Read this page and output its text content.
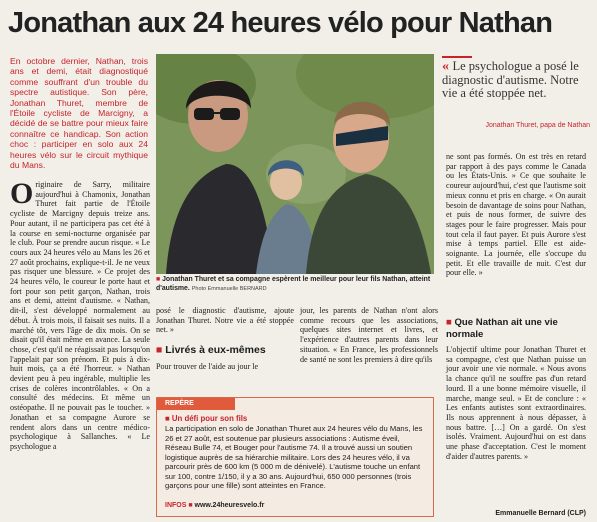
Jonathan aux 24 heures vélo pour Nathan
En octobre dernier, Nathan, trois ans et demi, était diagnostiqué comme souffrant d'un trouble du spectre autistique. Son père, Jonathan Thuret, membre de l'Étoile cycliste de Marcigny, a décidé de se battre pour mieux faire connaître ce handicap. Son action choc : participer en solo aux 24 heures vélo sur le circuit mythique du Mans.
■ Jonathan Thuret et sa compagne espèrent le meilleur pour leur fils Nathan, atteint d'autisme. Photo Emmanuelle BERNARD
O riginaire de Sarry, militaire aujourd'hui à Chamonix, Jonathan Thuret fait partie de l'Étoile cycliste de Marcigny depuis treize ans. Pour autant, il ne participera pas cet été à la course en semi-nocturne organisée par le club. Pour se prendre aucun risque. « Le cours aux 24 heures vélo au Mans les 26 et 27 août prochains, explique-t-il. Je ne veux pas risquer une blessure. » Ce projet des 24 heures vélo, le coureur le porte haut et fort pour son petit garçon, Nathan, trois ans et demi, atteint d'autisme. « Nathan, dit-il, s'est développé normalement au début. À trois mois, il faisait ses nuits. Il a marché tôt, vers l'âge de dix mois. On se disait qu'il était même en avance. La seule chose, c'est qu'il ne réagissait pas lorsqu'on l'appelait par son prénom. Et puis à dix-huit mois, ça a été l'horreur. » Nathan devient peu à peu ingérable, multiplie les crises de colères incontrôlables. « On a consulté des médecins. Et même un ostéopathe. Il ne pouvait pas le toucher. » Jonathan et sa compagne Aurore se rendent alors dans un centre médico-psychologique à Sallanches. « Le psychologue a
posé le diagnostic d'autisme, ajoute Jonathan Thuret. Notre vie a été stoppée net. »
■ Livrés à eux-mêmes
Pour trouver de l'aide au jour le
jour, les parents de Nathan n'ont alors comme recours que les associations, quelques sites internet et livres, et l'expérience d'autres parents dans leur situation. « En France, les professionnels de santé ne sont les premiers à dire qu'ils
REPÈRE
■ Un défi pour son fils
La participation en solo de Jonathan Thuret aux 24 heures vélo du Mans, les 26 et 27 août, est soutenue par plusieurs associations : Autisme éveil, Réseau Bulle 74, et Bouger pour l'autisme 74. Il a trouvé aussi un soutien logistique auprès de sa hiérarchie militaire. Lors des 24 heures vélo, il va parcourir près de 600 km (5 000 m de dénivelé). L'autisme touche un enfant sur 100, contre 1/150, il y a 30 ans. Aujourd'hui, 650 000 personnes (trois garçons pour une fille) sont atteintes en France.
INFOS ■ www.24heuresvelo.fr
« Le psychologue a posé le diagnostic d'autisme. Notre vie a été stoppée net.
Jonathan Thuret, papa de Nathan
ne sont pas formés. On est très en retard par rapport à des pays comme le Canada ou les États-Unis. » Ce que souhaite le coureur aujourd'hui, c'est que l'autisme soit mieux connu et pris en charge. « On aurait besoin de davantage de soins pour Nathan, et puis de nous former, de suivre des stages pour le faire progresser. Mais pour tout cela il faut payer. Et puis Aurore s'est mise à temps partiel. Elle est aide-soignante. La journée, elle s'occupe du petit. Et elle travaille de nuit. C'est dur pour elle. »
■ Que Nathan ait une vie normale
L'objectif ultime pour Jonathan Thuret et sa compagne, c'est que Nathan puisse un jour avoir une vie normale. « Nous avons la chance qu'il ne souffre pas d'un retard lourd. Il a une bonne mémoire visuelle, il marche, mange seul. » Et de conclure : « Les enfants autistes sont extraordinaires. Ils nous apprennent à nous dépasser, à nous battre. […] On a gardé. On s'est isolés. Vraiment. Aujourd'hui on est dans une phase d'acceptation. C'est le moment d'aider d'autres parents. »
Emmanuelle Bernard (CLP)
